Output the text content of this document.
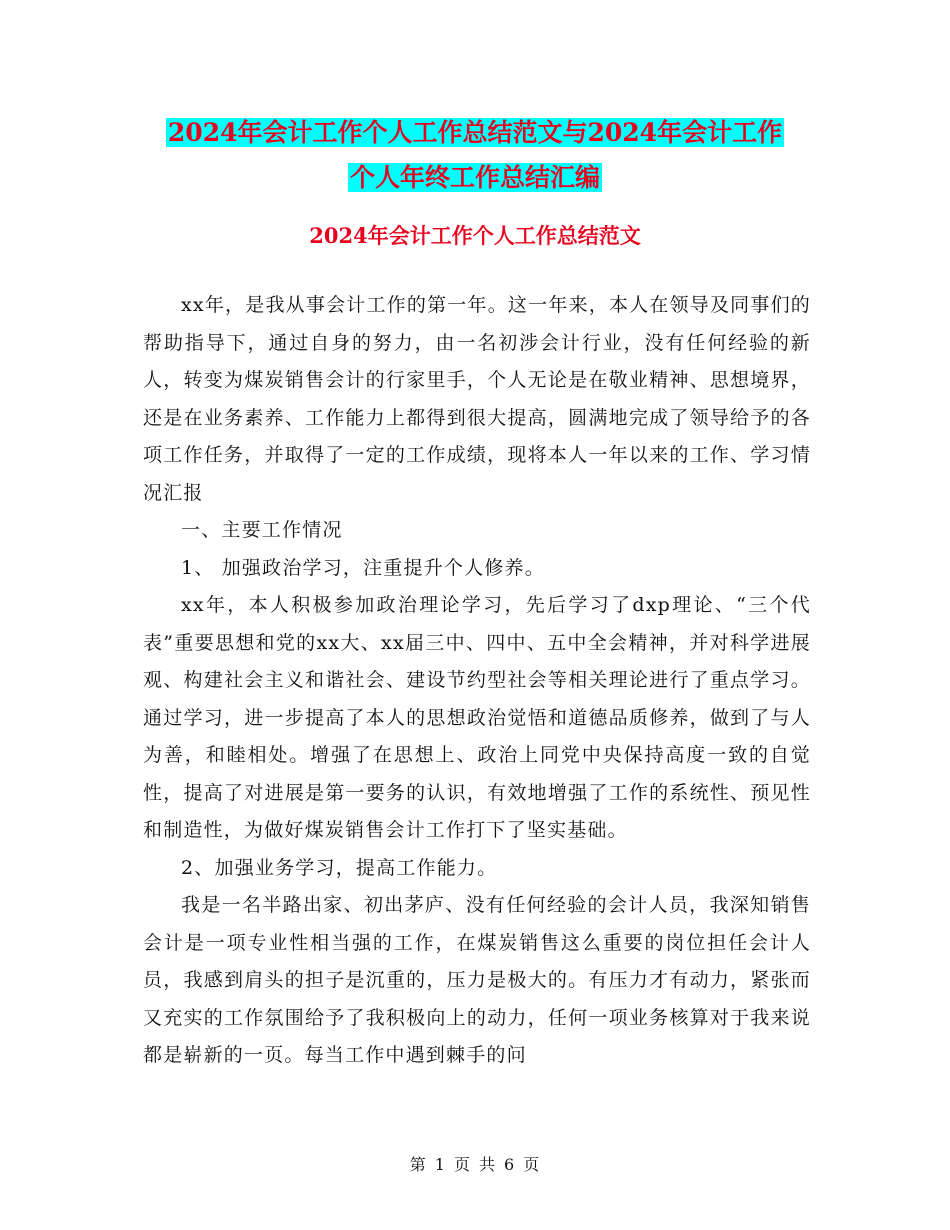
2024年会计工作个人工作总结范文与2024年会计工作
个人年终工作总结汇编
2024年会计工作个人工作总结范文

xx年，是我从事会计工作的第一年。这一年来，本人在领导及同事们的帮助指导下，通过自身的努力，由一名初涉会计行业，没有任何经验的新人，转变为煤炭销售会计的行家里手，个人无论是在敬业精神、思想境界，还是在业务素养、工作能力上都得到很大提高，圆满地完成了领导给予的各项工作任务，并取得了一定的工作成绩，现将本人一年以来的工作、学习情况汇报

一、主要工作情况

1、 加强政治学习，注重提升个人修养。

xx年，本人积极参加政治理论学习，先后学习了dxp理论、“三个代表”重要思想和党的xx大、xx届三中、四中、五中全会精神，并对科学进展观、构建社会主义和谐社会、建设节约型社会等相关理论进行了重点学习。通过学习，进一步提高了本人的思想政治觉悟和道德品质修养，做到了与人为善，和睦相处。增强了在思想上、政治上同党中央保持高度一致的自觉性，提高了对进展是第一要务的认识，有效地增强了工作的系统性、预见性和制造性，为做好煤炭销售会计工作打下了坚实基础。

2、加强业务学习，提高工作能力。

我是一名半路出家、初出茅庐、没有任何经验的会计人员，我深知销售会计是一项专业性相当强的工作，在煤炭销售这么重要的岗位担任会计人员，我感到肩头的担子是沉重的，压力是极大的。有压力才有动力，紧张而又充实的工作氛围给予了我积极向上的动力，任何一项业务核算对于我来说都是崭新的一页。每当工作中遇到棘手的问

第 1 页 共 6 页
